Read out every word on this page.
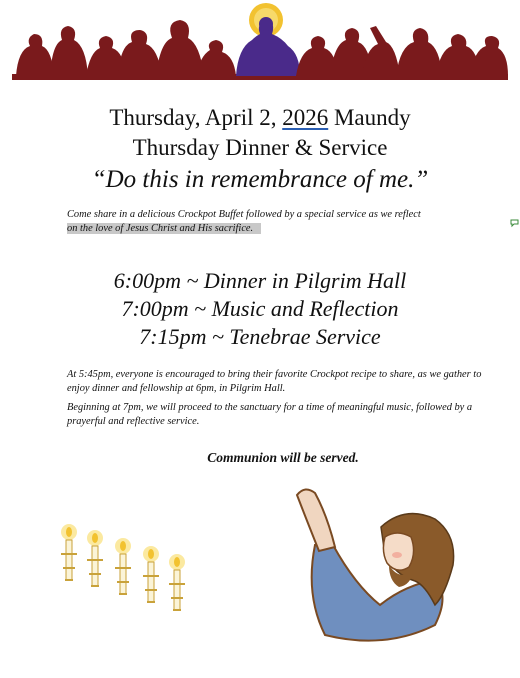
Thursday, April 2, 2026 Maundy
Thursday Dinner & Service
“Do this in remembrance of me.”

Come share in a delicious Crockpot Buffet followed by a special service as we reflect
on the love of Jesus Christ and His sacrifice.

6:00pm ~ Dinner in Pilgrim Hall
7:00pm ~ Music and Reflection
7:15pm ~ Tenebrae Service

At 5:45pm, everyone is encouraged to bring their favorite Crockpot recipe to share, as we gather to enjoy dinner and fellowship at 6pm, in Pilgrim Hall.

Beginning at 7pm, we will proceed to the sanctuary for a time of meaningful music, followed by a prayerful and reflective service.

Communion will be served.
